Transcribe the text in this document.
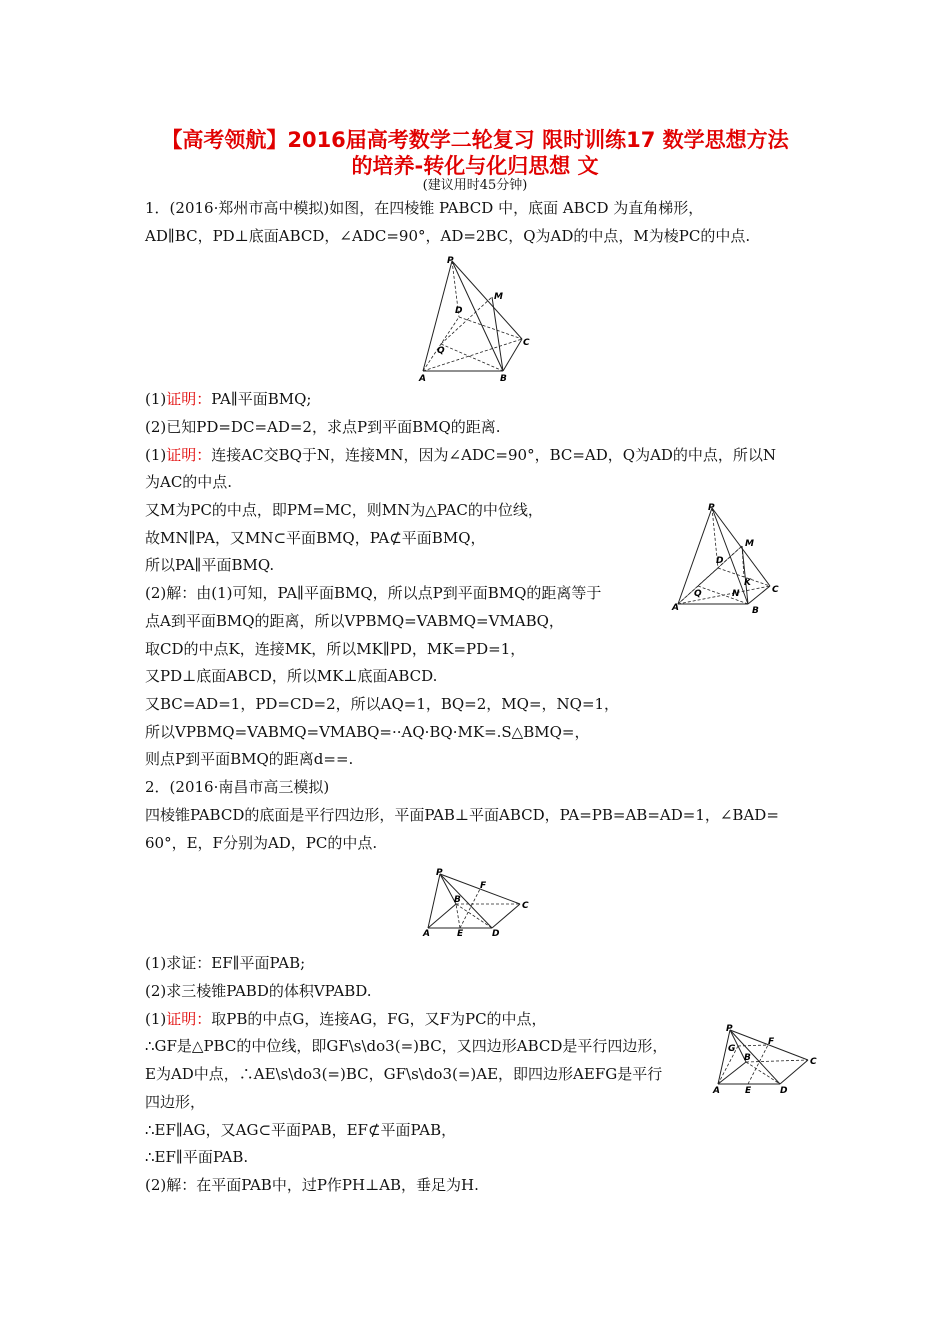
【高考领航】2016届高考数学二轮复习 限时训练17 数学思想方法
的培养-转化与化归思想 文
(建议用时45分钟)
1．(2016·郑州市高中模拟)如图，在四棱锥 PABCD 中，底面 ABCD 为直角梯形，
AD∥BC，PD⊥底面ABCD，∠ADC=90°，AD=2BC，Q为AD的中点，M为棱PC的中点.
P
M
D
C
Q
A	B
(1)证明：PA∥平面BMQ;
(2)已知PD=DC=AD=2，求点P到平面BMQ的距离.
(1)证明：连接AC交BQ于N，连接MN，因为∠ADC=90°，BC=AD，Q为AD的中点，所以N
为AC的中点.
又M为PC的中点，即PM=MC，则MN为△PAC的中位线，
故MN∥PA，又MN⊂平面BMQ，PA⊄平面BMQ，
所以PA∥平面BMQ.
P
M
D
K
N	C
Q
A	B
(2)解：由(1)可知，PA∥平面BMQ，所以点P到平面BMQ的距离等于
点A到平面BMQ的距离，所以VPBMQ=VABMQ=VMABQ，
取CD的中点K，连接MK，所以MK∥PD，MK=PD=1，
又PD⊥底面ABCD，所以MK⊥底面ABCD.
又BC=AD=1，PD=CD=2，所以AQ=1，BQ=2，MQ=，NQ=1，
所以VPBMQ=VABMQ=VMABQ=··AQ·BQ·MK=.S△BMQ=，
则点P到平面BMQ的距离d==.
2．(2016·南昌市高三模拟)
四棱锥PABCD的底面是平行四边形，平面PAB⊥平面ABCD，PA=PB=AB=AD=1，∠BAD=
60°，E，F分别为AD，PC的中点.
P
F
B
C
A	E	D
(1)求证：EF∥平面PAB;
(2)求三棱锥PABD的体积VPABD.
(1)证明：取PB的中点G，连接AG，FG，又F为PC的中点，
∴GF是△PBC的中位线，即GF\s\do3(=)BC，又四边形ABCD是平行四边形，
E为AD中点，∴AE\s\do3(=)BC，GF\s\do3(=)AE，即四边形AEFG是平行
四边形，
P
F
G
B	C
A	E	D
∴EF∥AG，又AG⊂平面PAB，EF⊄平面PAB，
∴EF∥平面PAB.
(2)解：在平面PAB中，过P作PH⊥AB，垂足为H.
